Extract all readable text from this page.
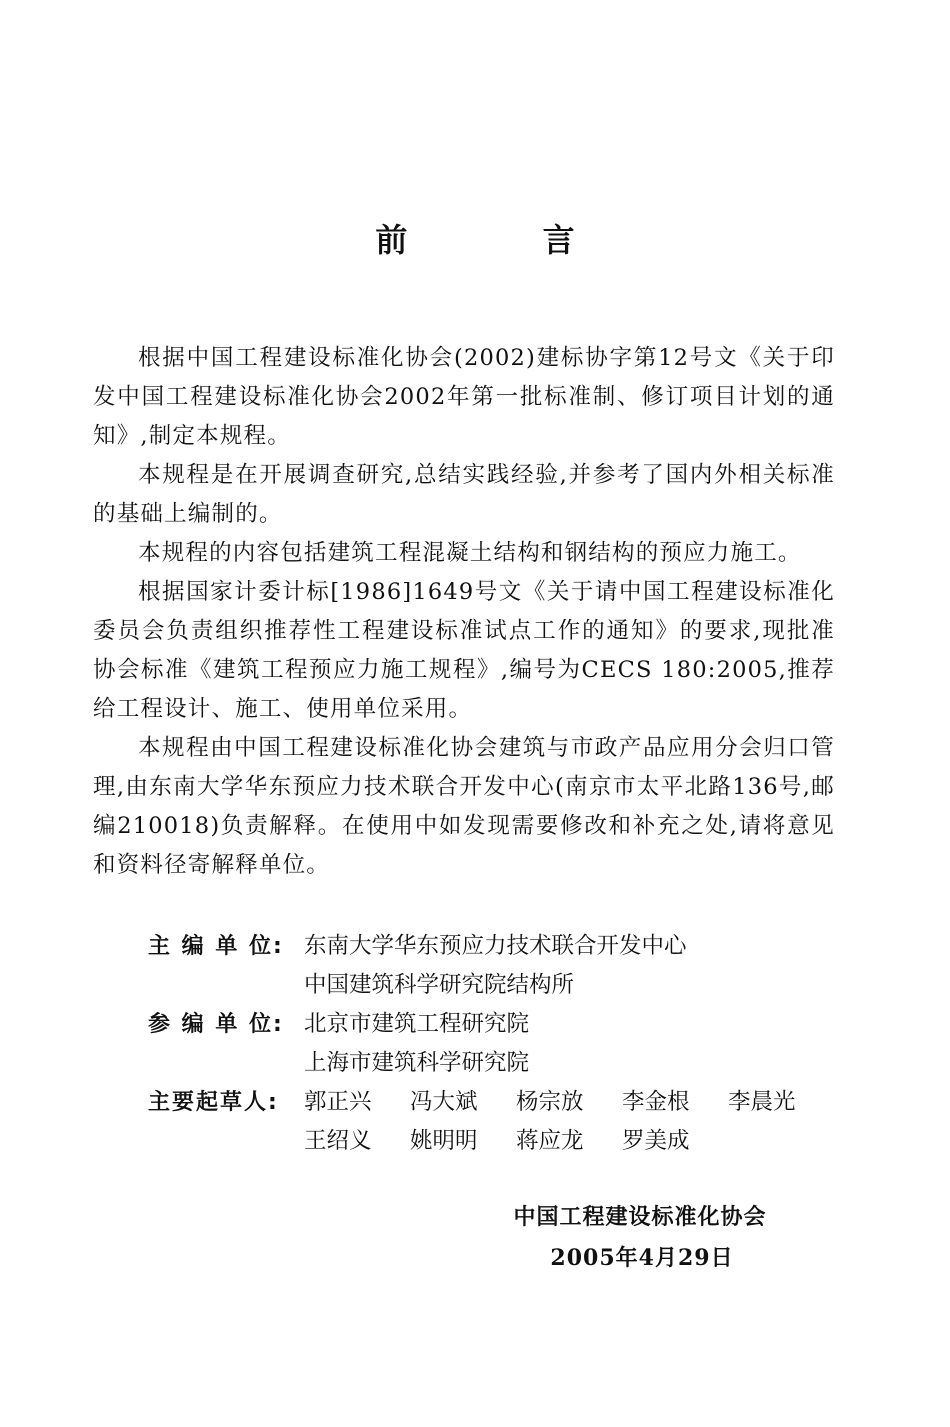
前 言

根据中国工程建设标准化协会(2002)建标协字第12号文《关于印发中国工程建设标准化协会2002年第一批标准制、修订项目计划的通知》,制定本规程。

本规程是在开展调查研究,总结实践经验,并参考了国内外相关标准的基础上编制的。

本规程的内容包括建筑工程混凝土结构和钢结构的预应力施工。

根据国家计委计标[1986]1649号文《关于请中国工程建设标准化委员会负责组织推荐性工程建设标准试点工作的通知》的要求,现批准协会标准《建筑工程预应力施工规程》,编号为CECS 180:2005,推荐给工程设计、施工、使用单位采用。

本规程由中国工程建设标准化协会建筑与市政产品应用分会归口管理,由东南大学华东预应力技术联合开发中心(南京市太平北路136号,邮编210018)负责解释。在使用中如发现需要修改和补充之处,请将意见和资料径寄解释单位。

主 编 单 位: 东南大学华东预应力技术联合开发中心
中国建筑科学研究院结构所
参 编 单 位: 北京市建筑工程研究院
上海市建筑科学研究院
主要起草人:	郭正兴	冯大斌	杨宗放	李金根	李晨光
王绍义	姚明明	蒋应龙	罗美成
中国工程建设标准化协会
2005年4月29日
